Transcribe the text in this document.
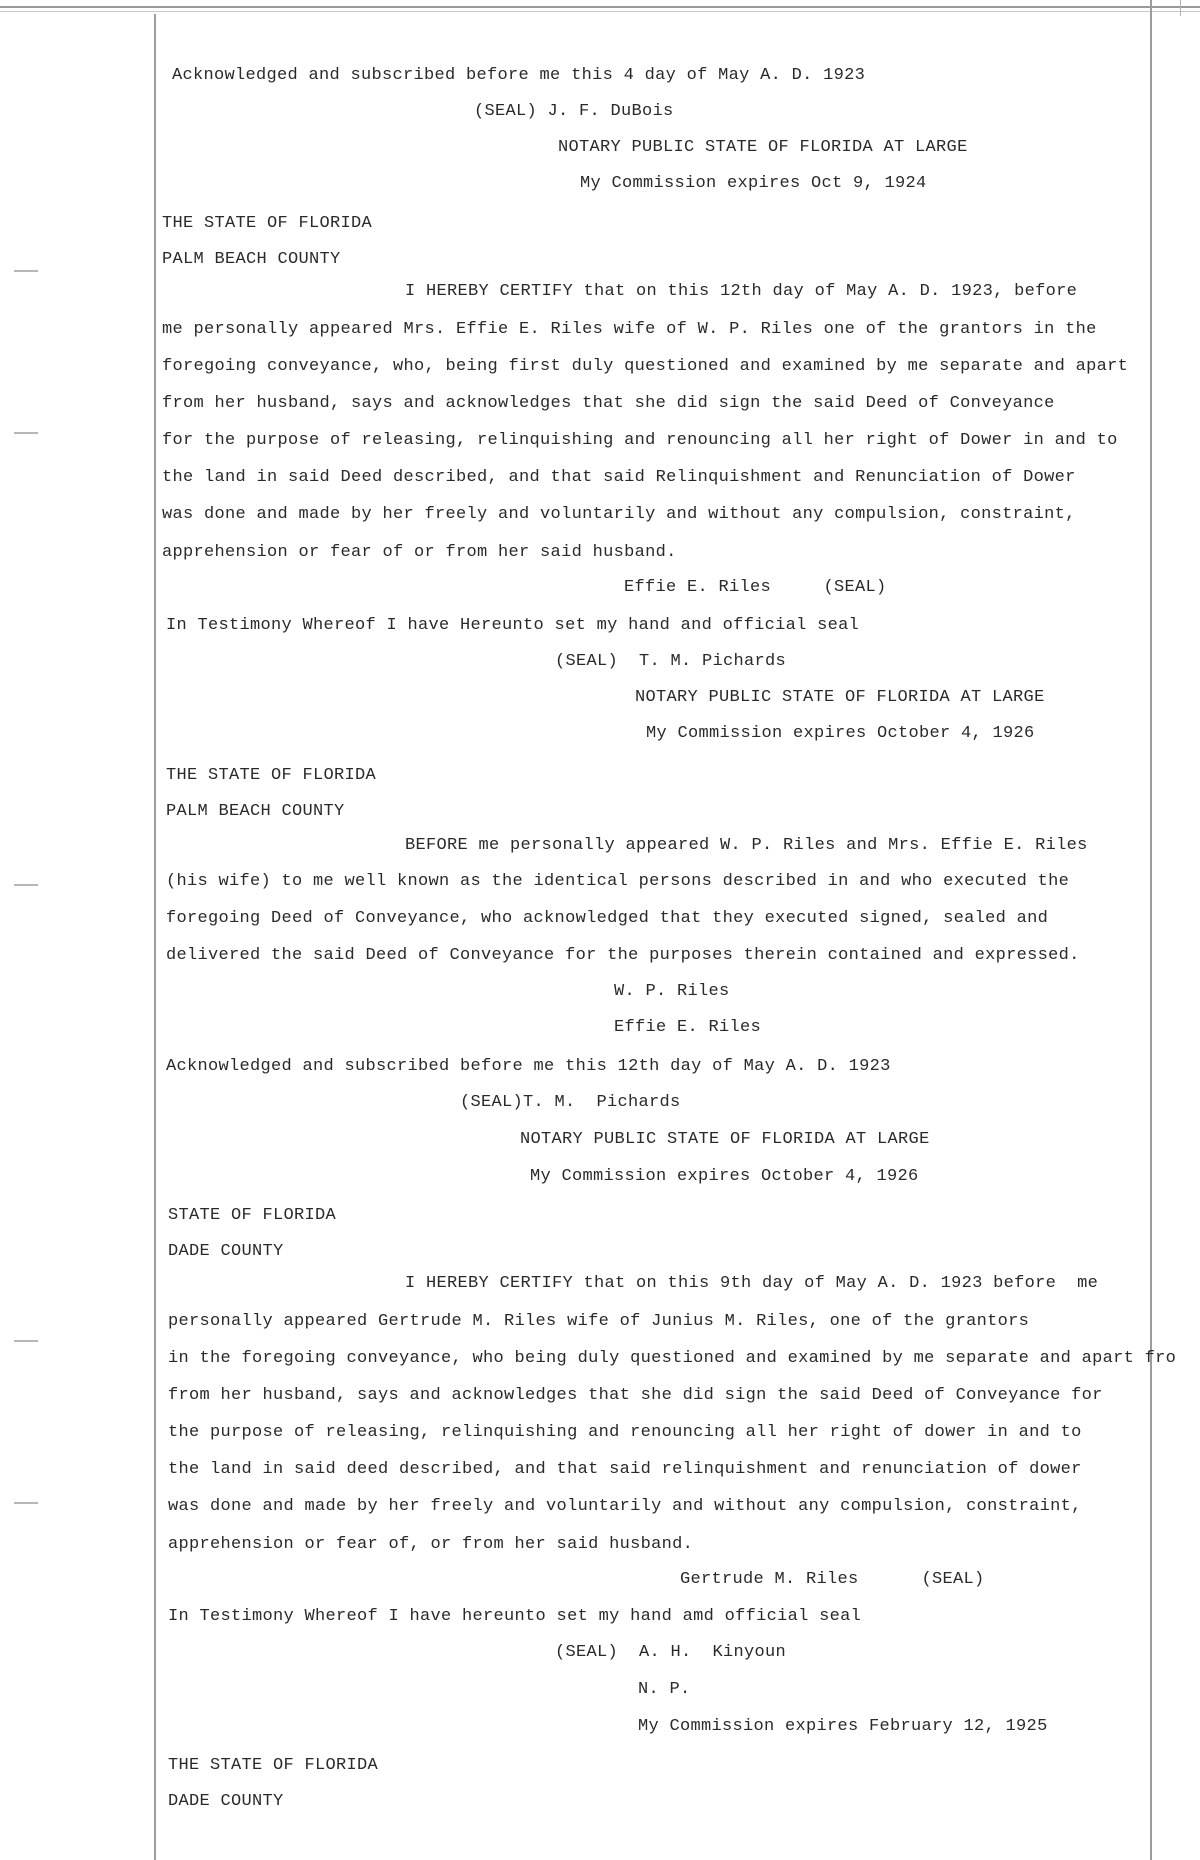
Acknowledged and subscribed before me this 4 day of May A. D. 1923
(SEAL) J. F. DuBois
NOTARY PUBLIC STATE OF FLORIDA AT LARGE
My Commission expires Oct 9, 1924
THE STATE OF FLORIDA
PALM BEACH COUNTY
I HEREBY CERTIFY that on this 12th day of May A. D. 1923, before
me personally appeared Mrs. Effie E. Riles wife of W. P. Riles one of the grantors in the
foregoing conveyance, who, being first duly questioned and examined by me separate and apart
from her husband, says and acknowledges that she did sign the said Deed of Conveyance
for the purpose of releasing, relinquishing and renouncing all her right of Dower in and to
the land in said Deed described, and that said Relinquishment and Renunciation of Dower
was done and made by her freely and voluntarily and without any compulsion, constraint,
apprehension or fear of or from her said husband.
Effie E. Riles     (SEAL)
In Testimony Whereof I have Hereunto set my hand and official seal
(SEAL)  T. M. Pichards
NOTARY PUBLIC STATE OF FLORIDA AT LARGE
My Commission expires October 4, 1926
THE STATE OF FLORIDA
PALM BEACH COUNTY
BEFORE me personally appeared W. P. Riles and Mrs. Effie E. Riles
(his wife) to me well known as the identical persons described in and who executed the
foregoing Deed of Conveyance, who acknowledged that they executed signed, sealed and
delivered the said Deed of Conveyance for the purposes therein contained and expressed.
W. P. Riles
Effie E. Riles
Acknowledged and subscribed before me this 12th day of May A. D. 1923
(SEAL)T. M.  Pichards
NOTARY PUBLIC STATE OF FLORIDA AT LARGE
My Commission expires October 4, 1926
STATE OF FLORIDA
DADE COUNTY
I HEREBY CERTIFY that on this 9th day of May A. D. 1923 before  me
personally appeared Gertrude M. Riles wife of Junius M. Riles, one of the grantors
in the foregoing conveyance, who being duly questioned and examined by me separate and apart fro
from her husband, says and acknowledges that she did sign the said Deed of Conveyance for
the purpose of releasing, relinquishing and renouncing all her right of dower in and to
the land in said deed described, and that said relinquishment and renunciation of dower
was done and made by her freely and voluntarily and without any compulsion, constraint,
apprehension or fear of, or from her said husband.
Gertrude M. Riles      (SEAL)
In Testimony Whereof I have hereunto set my hand amd official seal
(SEAL)  A. H.  Kinyoun
N. P.
My Commission expires February 12, 1925
THE STATE OF FLORIDA
DADE COUNTY
